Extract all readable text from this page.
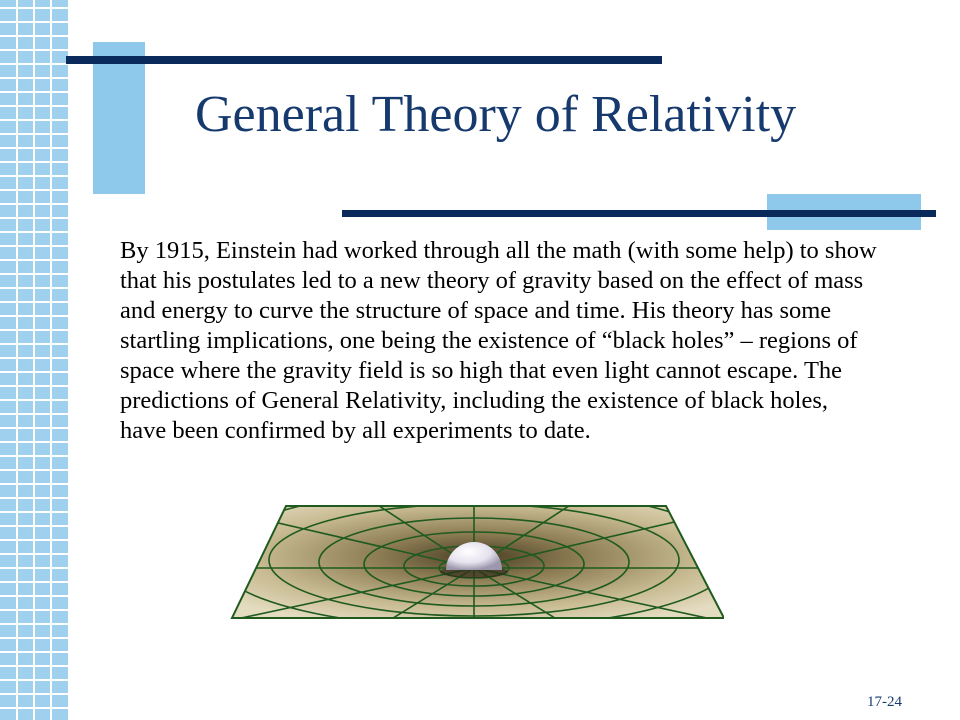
General Theory of Relativity
By 1915, Einstein had worked through all the math (with some help) to show that his postulates led to a new theory of gravity based on the effect of mass and energy to curve the structure of space and time. His theory has some startling implications, one being the existence of “black holes” – regions of space where the gravity field is so high that even light cannot escape. The predictions of General Relativity, including the existence of black holes, have been confirmed by all experiments to date.
17-24
